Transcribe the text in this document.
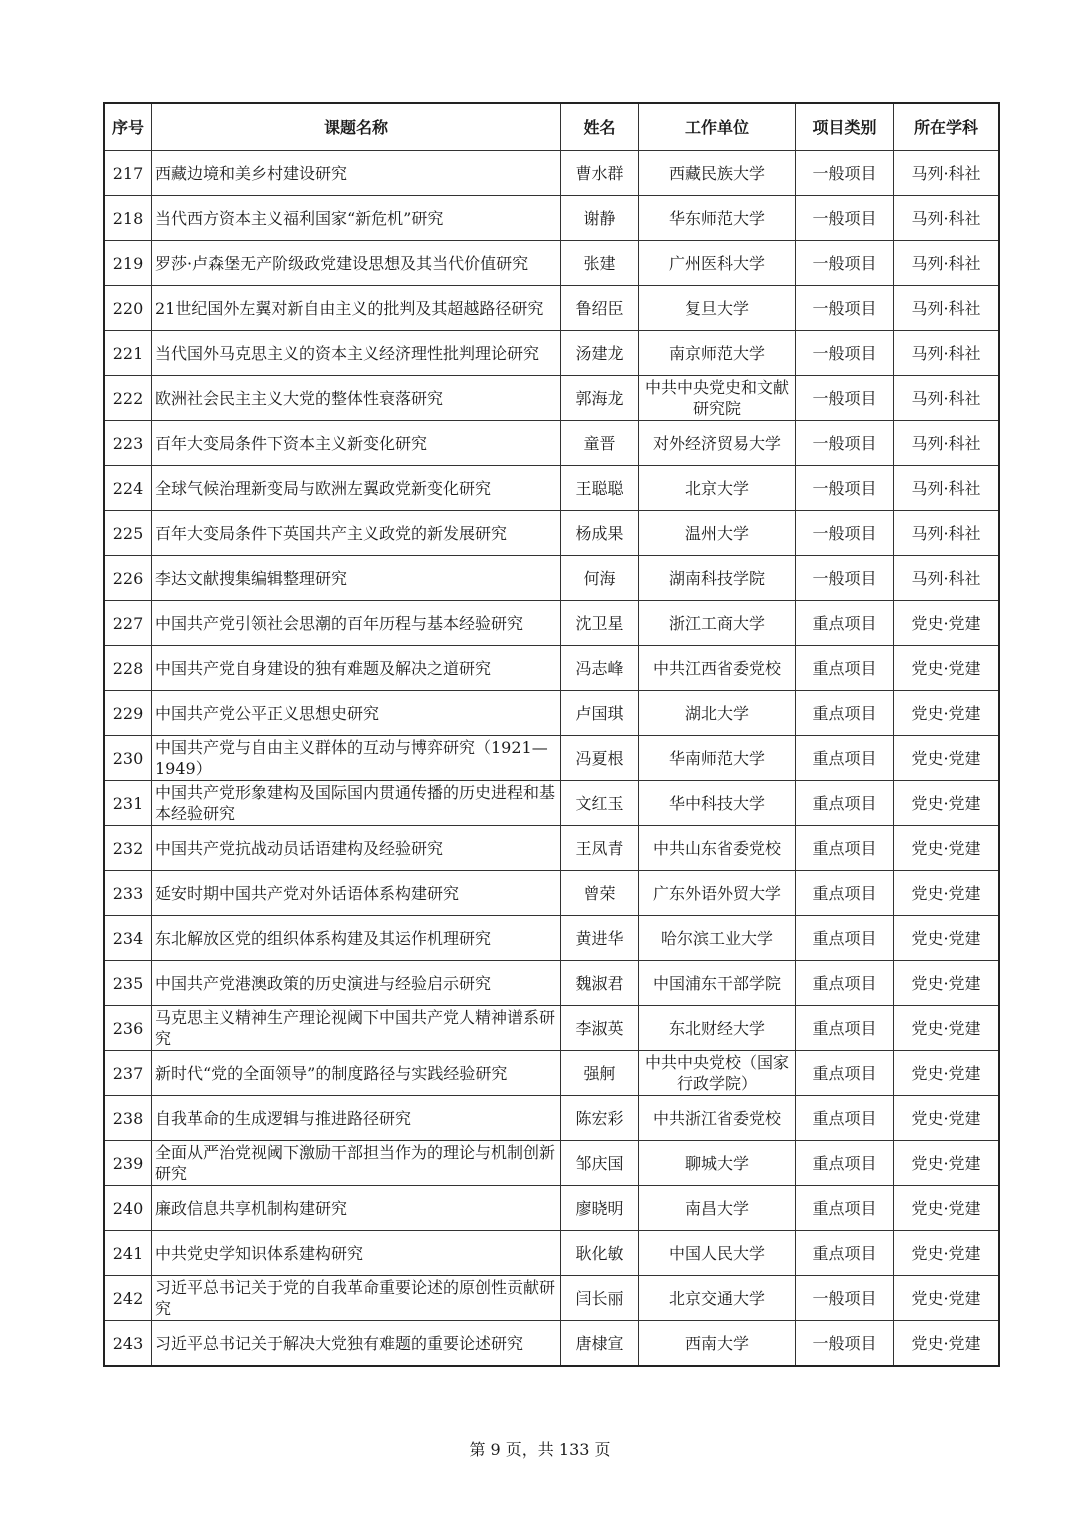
序号	课题名称	姓名	工作单位	项目类别	所在学科
217	西藏边境和美乡村建设研究	曹水群	西藏民族大学	一般项目	马列·科社
218	当代西方资本主义福利国家“新危机”研究	谢静	华东师范大学	一般项目	马列·科社
219	罗莎·卢森堡无产阶级政党建设思想及其当代价值研究	张建	广州医科大学	一般项目	马列·科社
220	21世纪国外左翼对新自由主义的批判及其超越路径研究	鲁绍臣	复旦大学	一般项目	马列·科社
221	当代国外马克思主义的资本主义经济理性批判理论研究	汤建龙	南京师范大学	一般项目	马列·科社
222	欧洲社会民主主义大党的整体性衰落研究	郭海龙	中共中央党史和文献研究院	一般项目	马列·科社
223	百年大变局条件下资本主义新变化研究	童晋	对外经济贸易大学	一般项目	马列·科社
224	全球气候治理新变局与欧洲左翼政党新变化研究	王聪聪	北京大学	一般项目	马列·科社
225	百年大变局条件下英国共产主义政党的新发展研究	杨成果	温州大学	一般项目	马列·科社
226	李达文献搜集编辑整理研究	何海	湖南科技学院	一般项目	马列·科社
227	中国共产党引领社会思潮的百年历程与基本经验研究	沈卫星	浙江工商大学	重点项目	党史·党建
228	中国共产党自身建设的独有难题及解决之道研究	冯志峰	中共江西省委党校	重点项目	党史·党建
229	中国共产党公平正义思想史研究	卢国琪	湖北大学	重点项目	党史·党建
230	中国共产党与自由主义群体的互动与博弈研究（1921—1949）	冯夏根	华南师范大学	重点项目	党史·党建
231	中国共产党形象建构及国际国内贯通传播的历史进程和基本经验研究	文红玉	华中科技大学	重点项目	党史·党建
232	中国共产党抗战动员话语建构及经验研究	王凤青	中共山东省委党校	重点项目	党史·党建
233	延安时期中国共产党对外话语体系构建研究	曾荣	广东外语外贸大学	重点项目	党史·党建
234	东北解放区党的组织体系构建及其运作机理研究	黄进华	哈尔滨工业大学	重点项目	党史·党建
235	中国共产党港澳政策的历史演进与经验启示研究	魏淑君	中国浦东干部学院	重点项目	党史·党建
236	马克思主义精神生产理论视阈下中国共产党人精神谱系研究	李淑英	东北财经大学	重点项目	党史·党建
237	新时代“党的全面领导”的制度路径与实践经验研究	强舸	中共中央党校（国家行政学院）	重点项目	党史·党建
238	自我革命的生成逻辑与推进路径研究	陈宏彩	中共浙江省委党校	重点项目	党史·党建
239	全面从严治党视阈下激励干部担当作为的理论与机制创新研究	邹庆国	聊城大学	重点项目	党史·党建
240	廉政信息共享机制构建研究	廖晓明	南昌大学	重点项目	党史·党建
241	中共党史学知识体系建构研究	耿化敏	中国人民大学	重点项目	党史·党建
242	习近平总书记关于党的自我革命重要论述的原创性贡献研究	闫长丽	北京交通大学	一般项目	党史·党建
243	习近平总书记关于解决大党独有难题的重要论述研究	唐棣宣	西南大学	一般项目	党史·党建
第 9 页，共 133 页
